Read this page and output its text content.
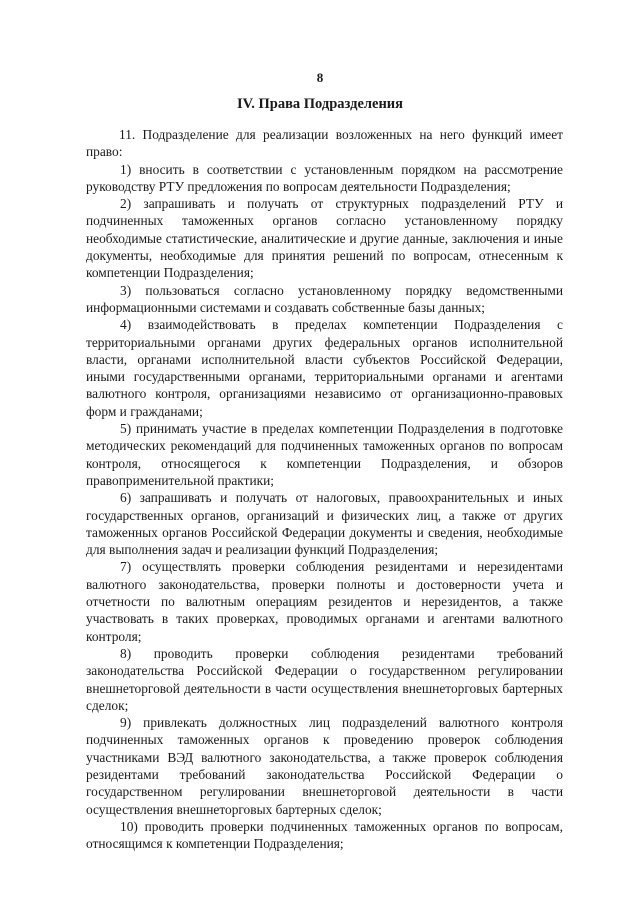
8
IV. Права Подразделения

11. Подразделение для реализации возложенных на него функций имеет право:

1) вносить в соответствии с установленным порядком на рассмотрение руководству РТУ предложения по вопросам деятельности Подразделения;

2) запрашивать и получать от структурных подразделений РТУ и подчиненных таможенных органов согласно установленному порядку необходимые статистические, аналитические и другие данные, заключения и иные документы, необходимые для принятия решений по вопросам, отнесенным к компетенции Подразделения;

3) пользоваться согласно установленному порядку ведомственными информационными системами и создавать собственные базы данных;

4) взаимодействовать в пределах компетенции Подразделения с территориальными органами других федеральных органов исполнительной власти, органами исполнительной власти субъектов Российской Федерации, иными государственными органами, территориальными органами и агентами валютного контроля, организациями независимо от организационно-правовых форм и гражданами;

5) принимать участие в пределах компетенции Подразделения в подготовке методических рекомендаций для подчиненных таможенных органов по вопросам контроля, относящегося к компетенции Подразделения, и обзоров правоприменительной практики;

6) запрашивать и получать от налоговых, правоохранительных и иных государственных органов, организаций и физических лиц, а также от других таможенных органов Российской Федерации документы и сведения, необходимые для выполнения задач и реализации функций Подразделения;

7) осуществлять проверки соблюдения резидентами и нерезидентами валютного законодательства, проверки полноты и достоверности учета и отчетности по валютным операциям резидентов и нерезидентов, а также участвовать в таких проверках, проводимых органами и агентами валютного контроля;

8) проводить проверки соблюдения резидентами требований законодательства Российской Федерации о государственном регулировании внешнеторговой деятельности в части осуществления внешнеторговых бартерных сделок;

9) привлекать должностных лиц подразделений валютного контроля подчиненных таможенных органов к проведению проверок соблюдения участниками ВЭД валютного законодательства, а также проверок соблюдения резидентами требований законодательства Российской Федерации о государственном регулировании внешнеторговой деятельности в части осуществления внешнеторговых бартерных сделок;

10) проводить проверки подчиненных таможенных органов по вопросам, относящимся к компетенции Подразделения;
